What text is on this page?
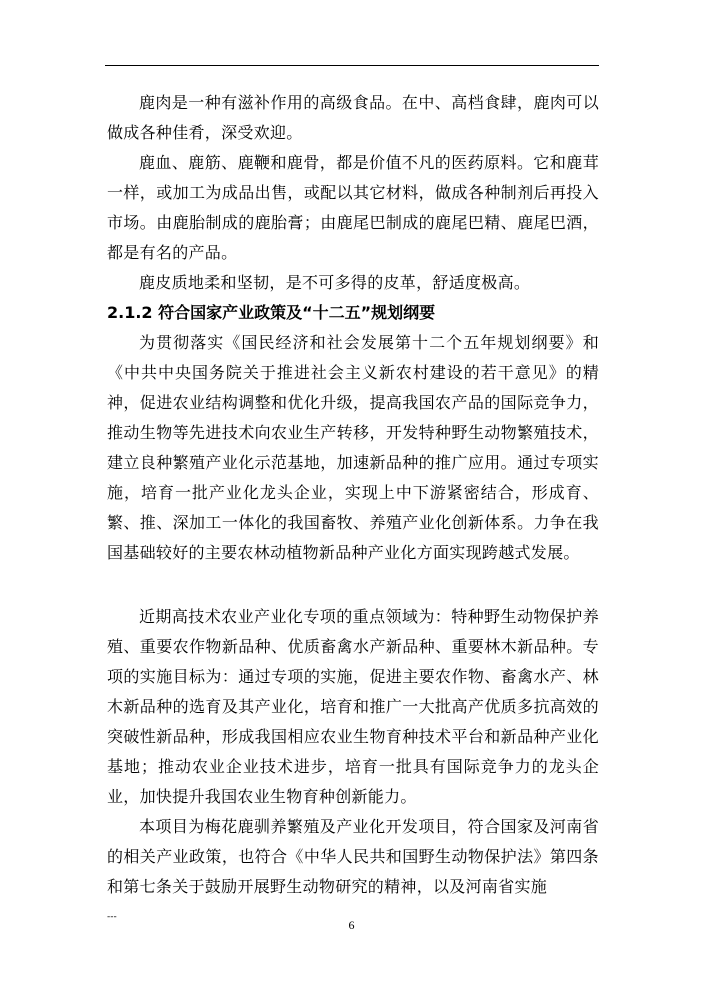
鹿肉是一种有滋补作用的高级食品。在中、高档食肆，鹿肉可以做成各种佳肴，深受欢迎。

鹿血、鹿筋、鹿鞭和鹿骨，都是价值不凡的医药原料。它和鹿茸一样，或加工为成品出售，或配以其它材料，做成各种制剂后再投入市场。由鹿胎制成的鹿胎膏；由鹿尾巴制成的鹿尾巴精、鹿尾巴酒，都是有名的产品。

鹿皮质地柔和坚韧，是不可多得的皮革，舒适度极高。

2.1.2 符合国家产业政策及“十二五”规划纲要

为贯彻落实《国民经济和社会发展第十二个五年规划纲要》和《中共中央国务院关于推进社会主义新农村建设的若干意见》的精神，促进农业结构调整和优化升级，提高我国农产品的国际竞争力，推动生物等先进技术向农业生产转移，开发特种野生动物繁殖技术，建立良种繁殖产业化示范基地，加速新品种的推广应用。通过专项实施，培育一批产业化龙头企业，实现上中下游紧密结合，形成育、繁、推、深加工一体化的我国畜牧、养殖产业化创新体系。力争在我国基础较好的主要农林动植物新品种产业化方面实现跨越式发展。

近期高技术农业产业化专项的重点领域为：特种野生动物保护养殖、重要农作物新品种、优质畜禽水产新品种、重要林木新品种。专项的实施目标为：通过专项的实施，促进主要农作物、畜禽水产、林木新品种的选育及其产业化，培育和推广一大批高产优质多抗高效的突破性新品种，形成我国相应农业生物育种技术平台和新品种产业化基地；推动农业企业技术进步，培育一批具有国际竞争力的龙头企业，加快提升我国农业生物育种创新能力。

本项目为梅花鹿驯养繁殖及产业化开发项目，符合国家及河南省的相关产业政策，也符合《中华人民共和国野生动物保护法》第四条和第七条关于鼓励开展野生动物研究的精神，以及河南省实施

---
6
